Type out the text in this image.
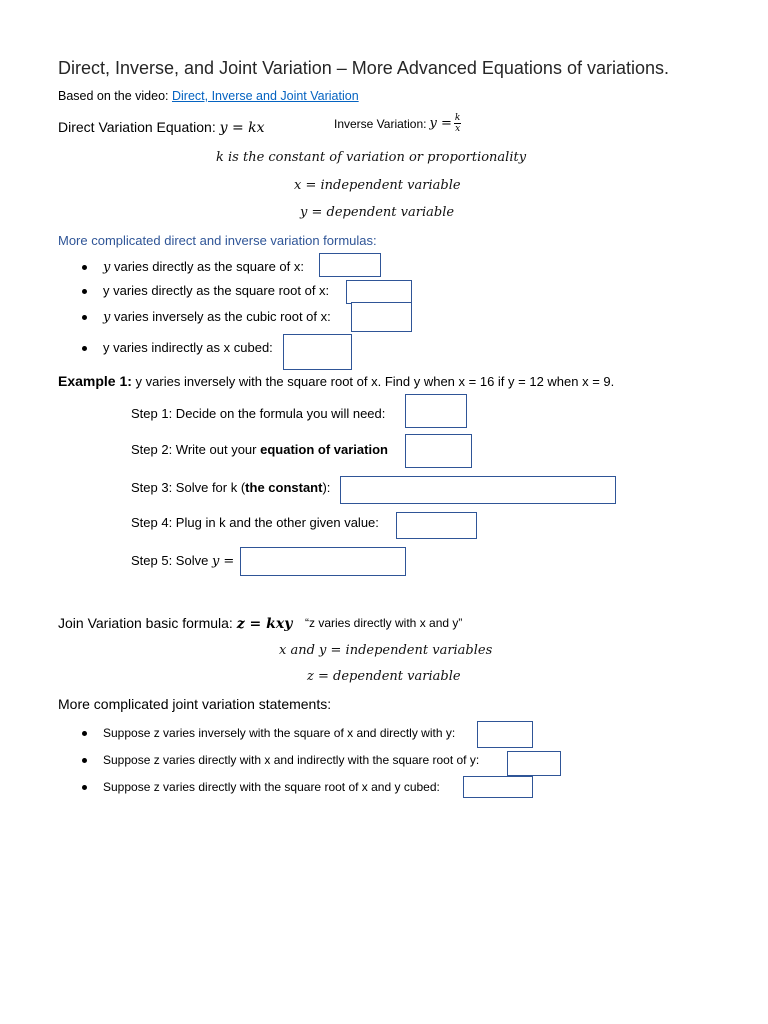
Direct, Inverse, and Joint Variation – More Advanced Equations of variations.
Based on the video: Direct, Inverse and Joint Variation
Direct Variation Equation: y = kx	Inverse Variation: $y = \frac{k}{x}$
k is the constant of variation or proportionality
x = independent variable
y = dependent variable
More complicated direct and inverse variation formulas:
y varies directly as the square of x:
y varies directly as the square root of x:
y varies inversely as the cubic root of x:
y varies indirectly as x cubed:
Example 1: y varies inversely with the square root of x. Find y when x = 16 if y = 12 when x = 9.
Step 1: Decide on the formula you will need:
Step 2: Write out your equation of variation
Step 3: Solve for k (the constant):
Step 4: Plug in k and the other given value:
Step 5: Solve y =
Join Variation basic formula: z = kxy “z varies directly with x and y”
x and y = independent variables
z = dependent variable
More complicated joint variation statements:
Suppose z varies inversely with the square of x and directly with y:
Suppose z varies directly with x and indirectly with the square root of y:
Suppose z varies directly with the square root of x and y cubed:
